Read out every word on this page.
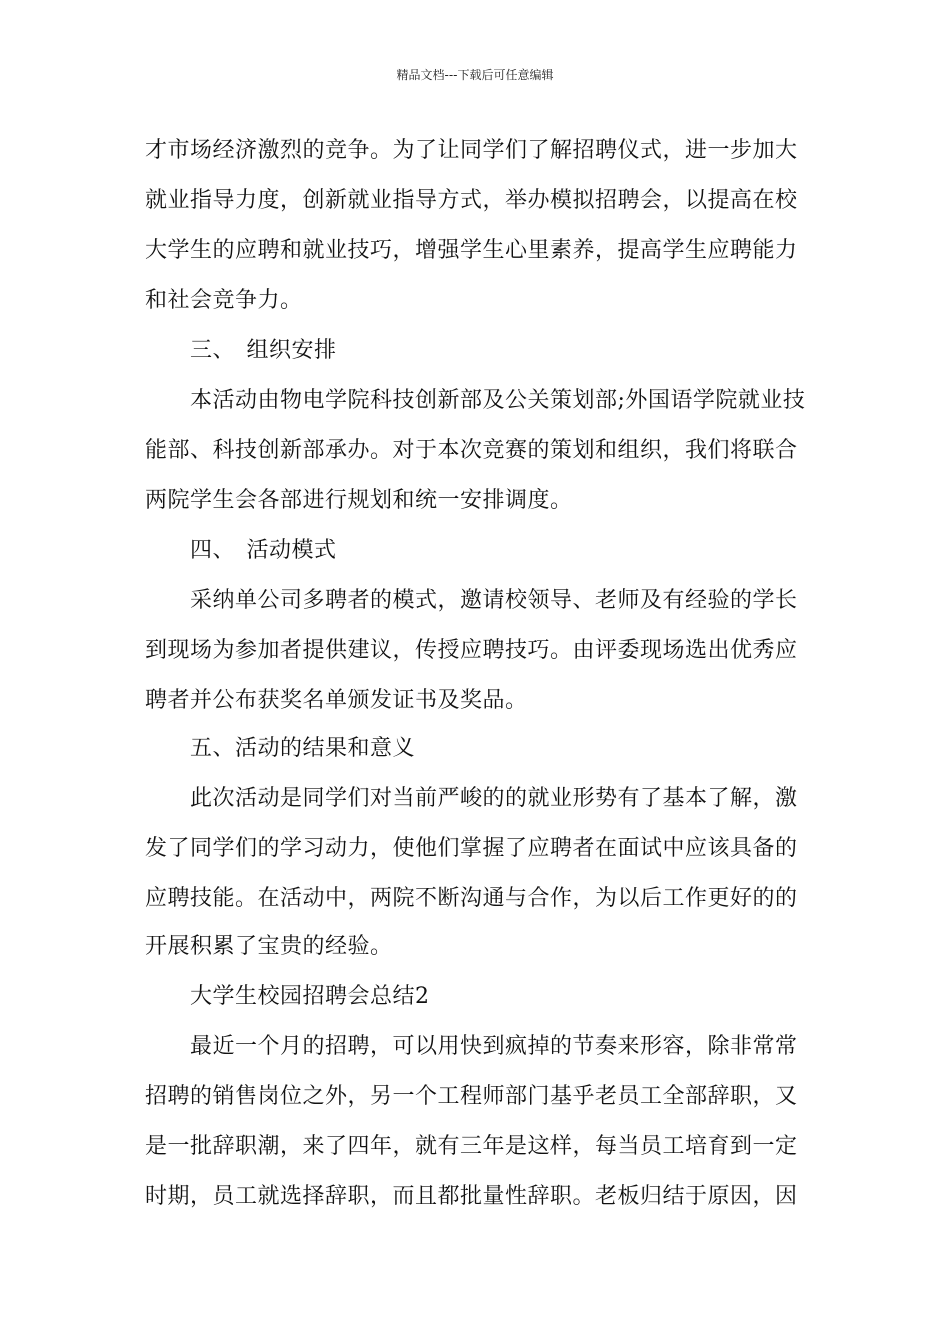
精品文档---下载后可任意编辑
才市场经济激烈的竞争。为了让同学们了解招聘仪式，进一步加大
就业指导力度，创新就业指导方式，举办模拟招聘会，以提高在校
大学生的应聘和就业技巧，增强学生心里素养，提高学生应聘能力
和社会竞争力。
三、　组织安排
本活动由物电学院科技创新部及公关策划部;外国语学院就业技
能部、科技创新部承办。对于本次竞赛的策划和组织，我们将联合
两院学生会各部进行规划和统一安排调度。
四、　活动模式
采纳单公司多聘者的模式，邀请校领导、老师及有经验的学长
到现场为参加者提供建议，传授应聘技巧。由评委现场选出优秀应
聘者并公布获奖名单颁发证书及奖品。
五、活动的结果和意义
此次活动是同学们对当前严峻的的就业形势有了基本了解，激
发了同学们的学习动力，使他们掌握了应聘者在面试中应该具备的
应聘技能。在活动中，两院不断沟通与合作，为以后工作更好的的
开展积累了宝贵的经验。
大学生校园招聘会总结2
最近一个月的招聘，可以用快到疯掉的节奏来形容，除非常常
招聘的销售岗位之外，另一个工程师部门基乎老员工全部辞职，又
是一批辞职潮，来了四年，就有三年是这样，每当员工培育到一定
时期，员工就选择辞职，而且都批量性辞职。老板归结于原因，因
